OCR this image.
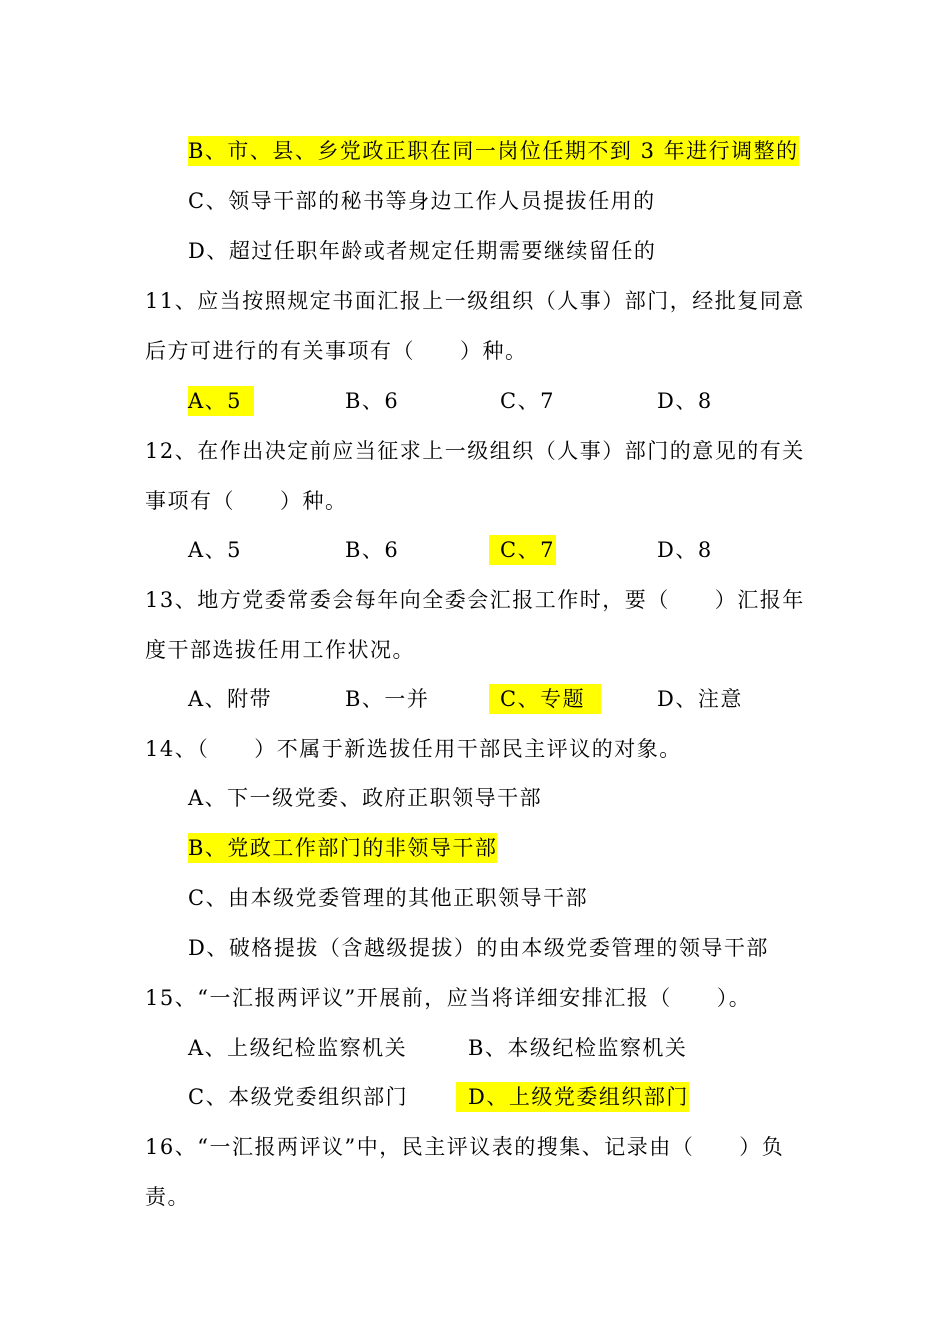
B、市、县、乡党政正职在同一岗位任期不到 3 年进行调整的
C、领导干部的秘书等身边工作人员提拔任用的
D、超过任职年龄或者规定任期需要继续留任的
11、应当按照规定书面汇报上一级组织（人事）部门，经批复同意
后方可进行的有关事项有（　　）种。
A、5	B、6	C、7	D、8
12、在作出决定前应当征求上一级组织（人事）部门的意见的有关
事项有（　　）种。
A、5	B、6	C、7	D、8
13、地方党委常委会每年向全委会汇报工作时，要（　　）汇报年
度干部选拔任用工作状况。
A、附带	B、一并	C、专题	D、注意
14、（　　）不属于新选拔任用干部民主评议的对象。
A、下一级党委、政府正职领导干部
B、党政工作部门的非领导干部
C、由本级党委管理的其他正职领导干部
D、破格提拔（含越级提拔）的由本级党委管理的领导干部
15、“一汇报两评议”开展前，应当将详细安排汇报（　　）。
A、上级纪检监察机关	B、本级纪检监察机关
C、本级党委组织部门	D、上级党委组织部门
16、“一汇报两评议”中，民主评议表的搜集、记录由（　　）负
责。
